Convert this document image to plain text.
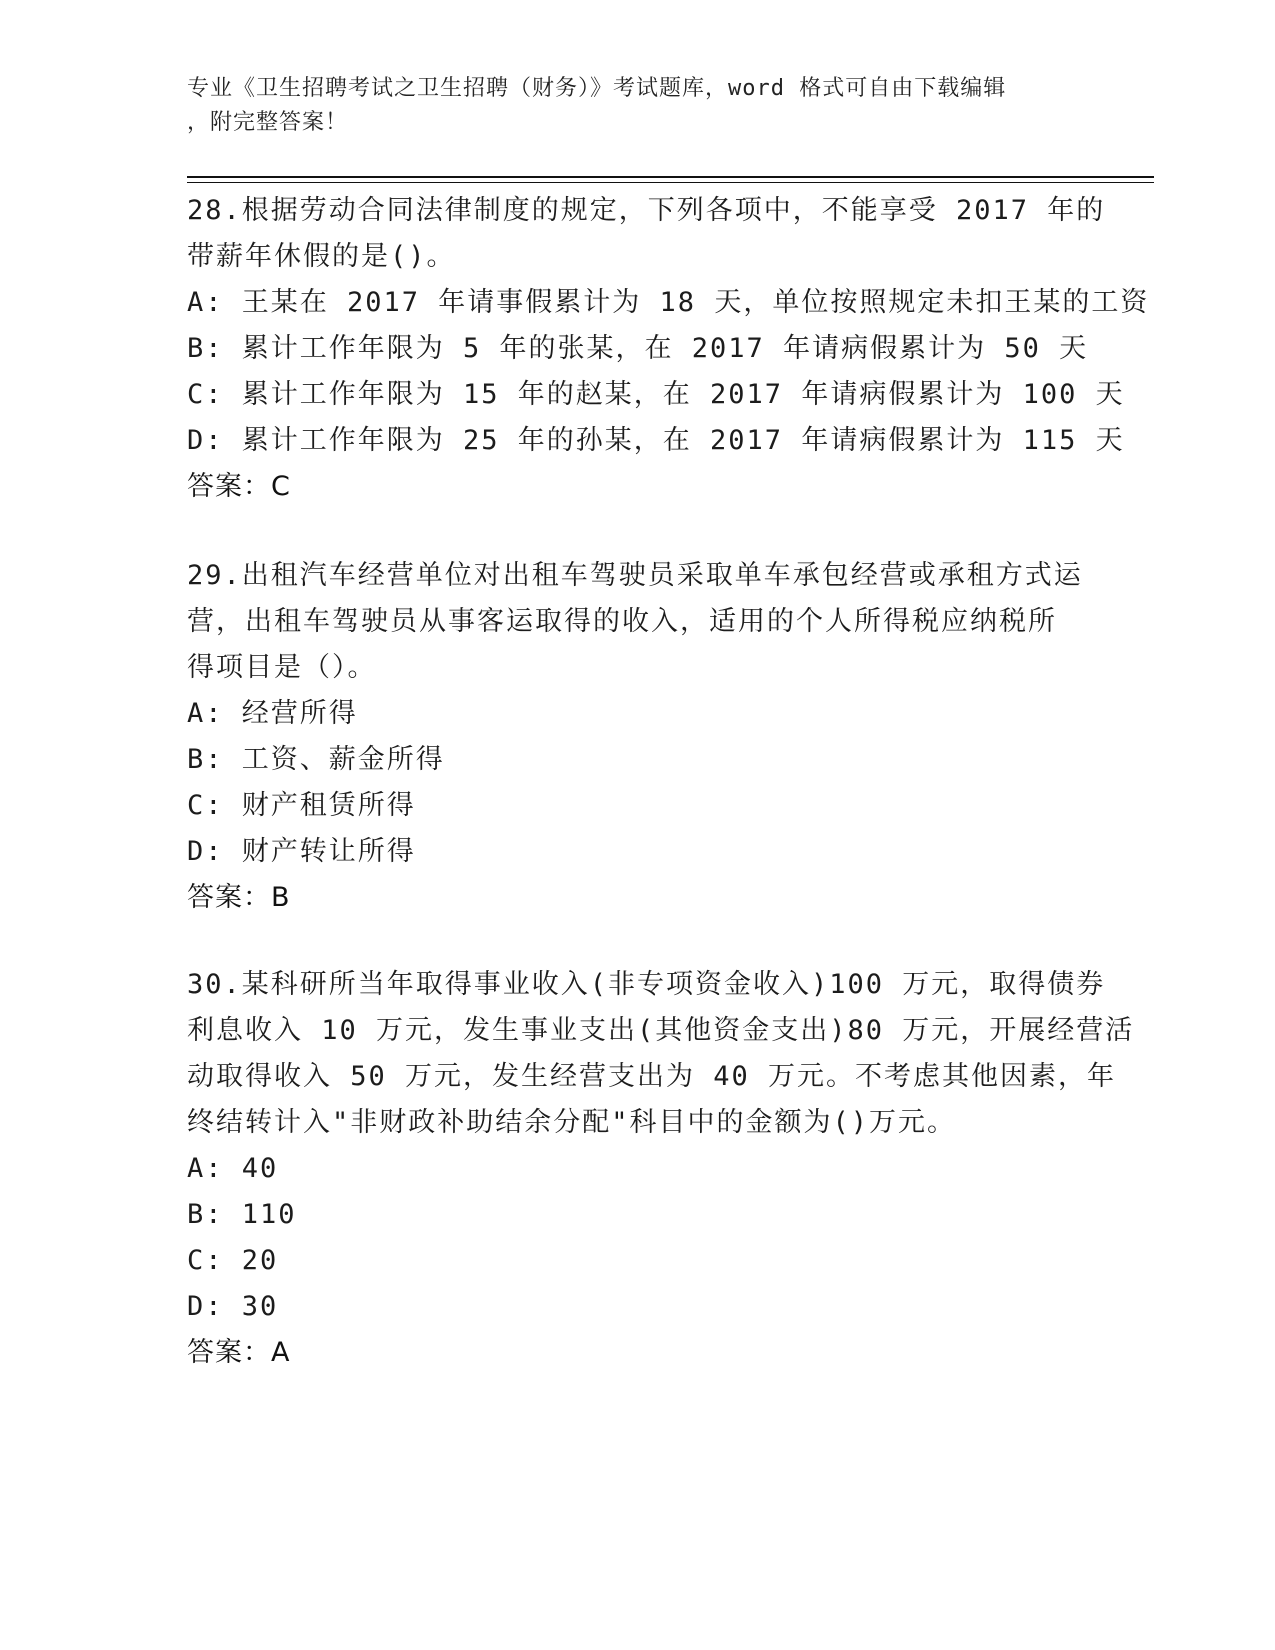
专业《卫生招聘考试之卫生招聘（财务）》考试题库，word 格式可自由下载编辑
，附完整答案！
28.根据劳动合同法律制度的规定，下列各项中，不能享受 2017 年的
带薪年休假的是()。
A: 王某在 2017 年请事假累计为 18 天，单位按照规定未扣王某的工资
B: 累计工作年限为 5 年的张某，在 2017 年请病假累计为 50 天
C: 累计工作年限为 15 年的赵某，在 2017 年请病假累计为 100 天
D: 累计工作年限为 25 年的孙某，在 2017 年请病假累计为 115 天
答案：C
29.出租汽车经营单位对出租车驾驶员采取单车承包经营或承租方式运
营，出租车驾驶员从事客运取得的收入，适用的个人所得税应纳税所
得项目是（）。
A: 经营所得
B: 工资、薪金所得
C: 财产租赁所得
D: 财产转让所得
答案：B
30.某科研所当年取得事业收入(非专项资金收入)100 万元，取得债券
利息收入 10 万元，发生事业支出(其他资金支出)80 万元，开展经营活
动取得收入 50 万元，发生经营支出为 40 万元。不考虑其他因素，年
终结转计入"非财政补助结余分配"科目中的金额为()万元。
A: 40
B: 110
C: 20
D: 30
答案：A
